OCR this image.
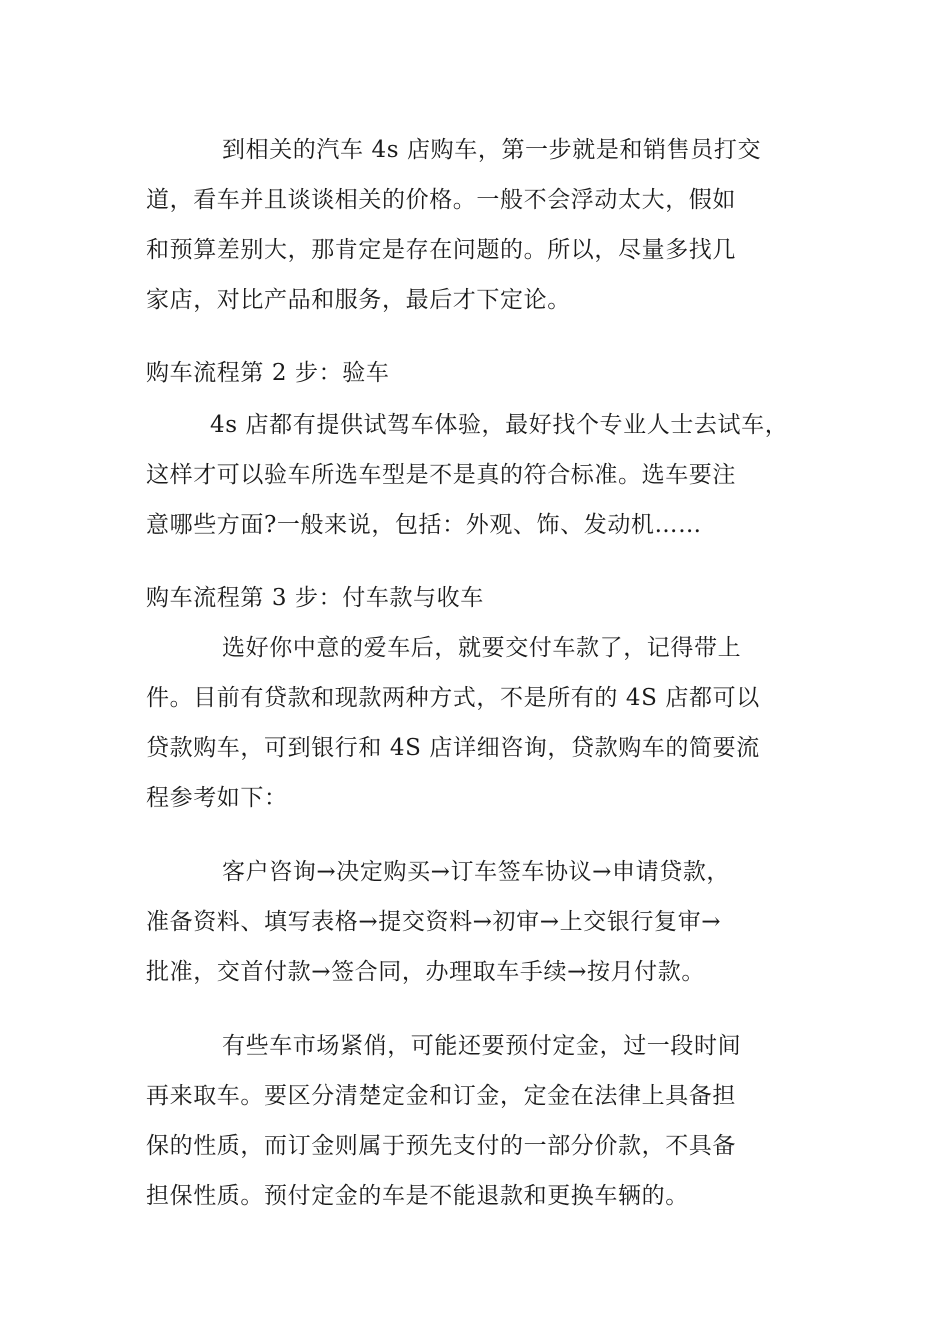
到相关的汽车 4s 店购车，第一步就是和销售员打交
道，看车并且谈谈相关的价格。一般不会浮动太大，假如
和预算差别大，那肯定是存在问题的。所以，尽量多找几
家店，对比产品和服务，最后才下定论。
购车流程第 2 步：验车
4s 店都有提供试驾车体验，最好找个专业人士去试车，
这样才可以验车所选车型是不是真的符合标准。选车要注
意哪些方面?一般来说，包括：外观、饰、发动机……
购车流程第 3 步：付车款与收车
选好你中意的爱车后，就要交付车款了，记得带上
件。目前有贷款和现款两种方式，不是所有的 4S 店都可以
贷款购车，可到银行和 4S 店详细咨询，贷款购车的简要流
程参考如下：
客户咨询→决定购买→订车签车协议→申请贷款，
准备资料、填写表格→提交资料→初审→上交银行复审→
批准，交首付款→签合同，办理取车手续→按月付款。
有些车市场紧俏，可能还要预付定金，过一段时间
再来取车。要区分清楚定金和订金，定金在法律上具备担
保的性质，而订金则属于预先支付的一部分价款，不具备
担保性质。预付定金的车是不能退款和更换车辆的。
